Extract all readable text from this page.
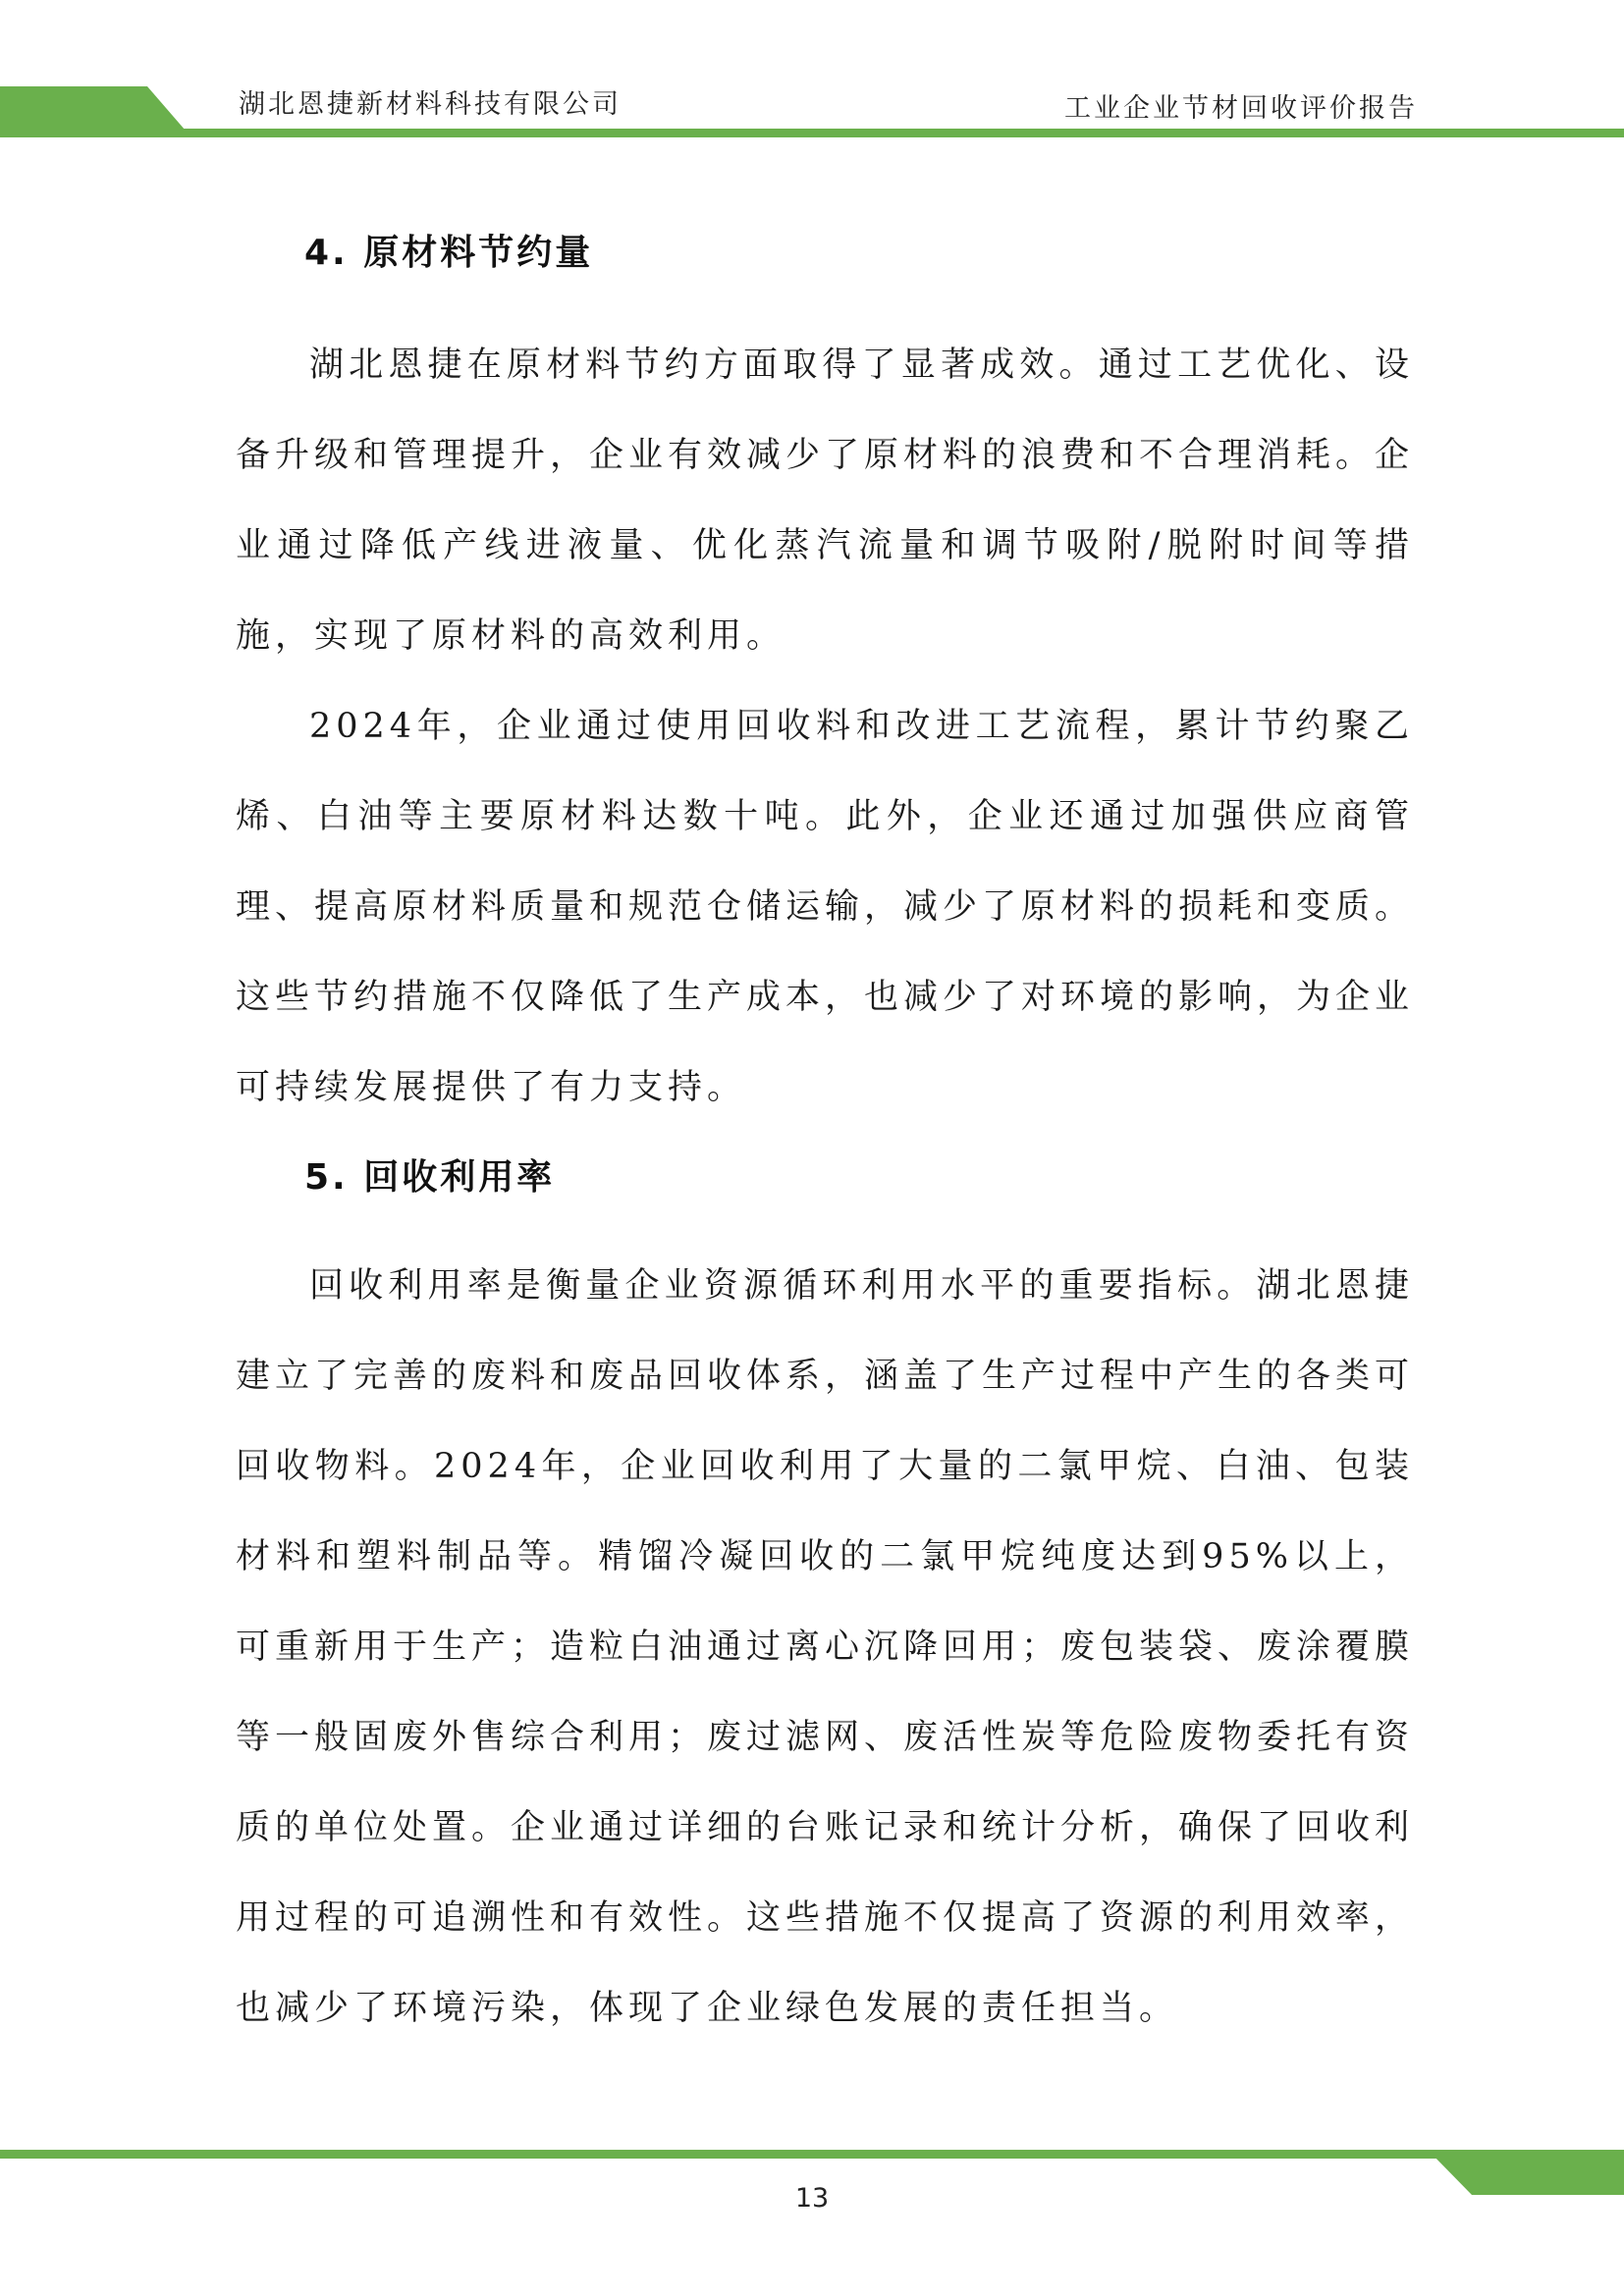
湖北恩捷新材料科技有限公司	工业企业节材回收评价报告
4. 原材料节约量

湖北恩捷在原材料节约方面取得了显著成效。通过工艺优化、设备升级和管理提升，企业有效减少了原材料的浪费和不合理消耗。企业通过降低产线进液量、优化蒸汽流量和调节吸附/脱附时间等措施，实现了原材料的高效利用。

2024年，企业通过使用回收料和改进工艺流程，累计节约聚乙烯、白油等主要原材料达数十吨。此外，企业还通过加强供应商管理、提高原材料质量和规范仓储运输，减少了原材料的损耗和变质。这些节约措施不仅降低了生产成本，也减少了对环境的影响，为企业可持续发展提供了有力支持。

5. 回收利用率

回收利用率是衡量企业资源循环利用水平的重要指标。湖北恩捷建立了完善的废料和废品回收体系，涵盖了生产过程中产生的各类可回收物料。2024年，企业回收利用了大量的二氯甲烷、白油、包装材料和塑料制品等。精馏冷凝回收的二氯甲烷纯度达到95%以上，可重新用于生产；造粒白油通过离心沉降回用；废包装袋、废涂覆膜等一般固废外售综合利用；废过滤网、废活性炭等危险废物委托有资质的单位处置。企业通过详细的台账记录和统计分析，确保了回收利用过程的可追溯性和有效性。这些措施不仅提高了资源的利用效率，也减少了环境污染，体现了企业绿色发展的责任担当。

13
